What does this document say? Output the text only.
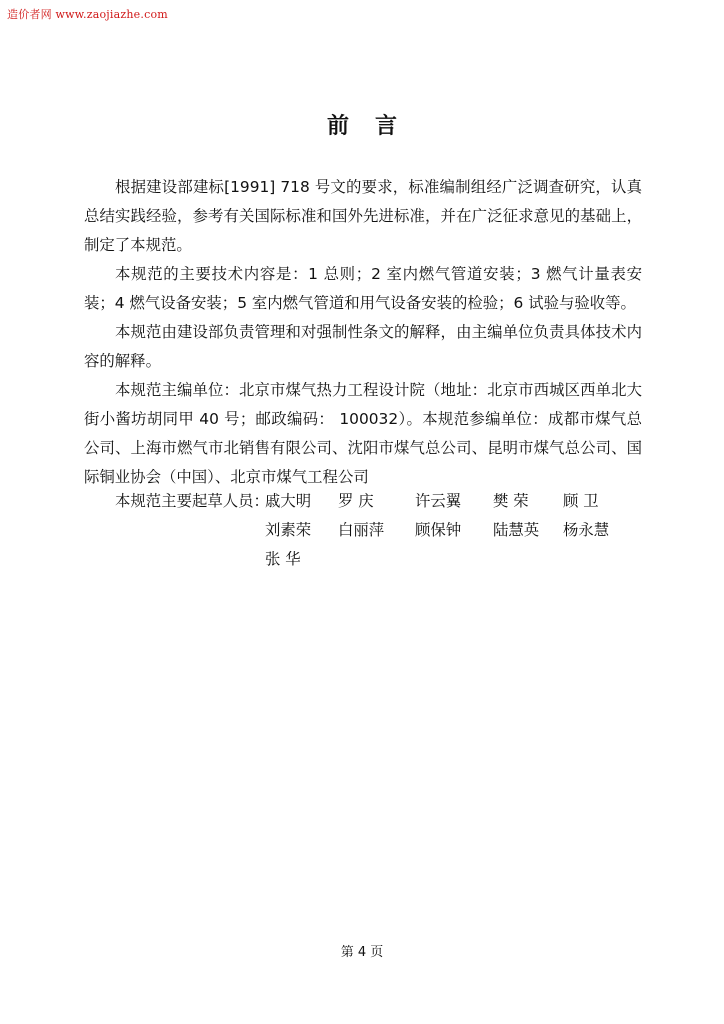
造价者网 www.zaojiazhe.com
前言

根据建设部建标[1991] 718 号文的要求，标准编制组经广泛调查研究，认真总结实践经验，参考有关国际标准和国外先进标准，并在广泛征求意见的基础上，制定了本规范。

本规范的主要技术内容是：1 总则；2 室内燃气管道安装；3 燃气计量表安装；4 燃气设备安装；5 室内燃气管道和用气设备安装的检验；6 试验与验收等。

本规范由建设部负责管理和对强制性条文的解释，由主编单位负责具体技术内容的解释。

本规范主编单位：北京市煤气热力工程设计院（地址：北京市西城区西单北大街小酱坊胡同甲 40 号；邮政编码： 100032）。本规范参编单位：成都市煤气总公司、上海市燃气市北销售有限公司、沈阳市煤气总公司、昆明市煤气总公司、国际铜业协会（中国）、北京市煤气工程公司

本规范主要起草人员：
戚大明	罗 庆	许云翼	樊 荣	顾 卫
刘素荣	白丽萍	顾保钟	陆慧英	杨永慧
张 华
第 4 页
